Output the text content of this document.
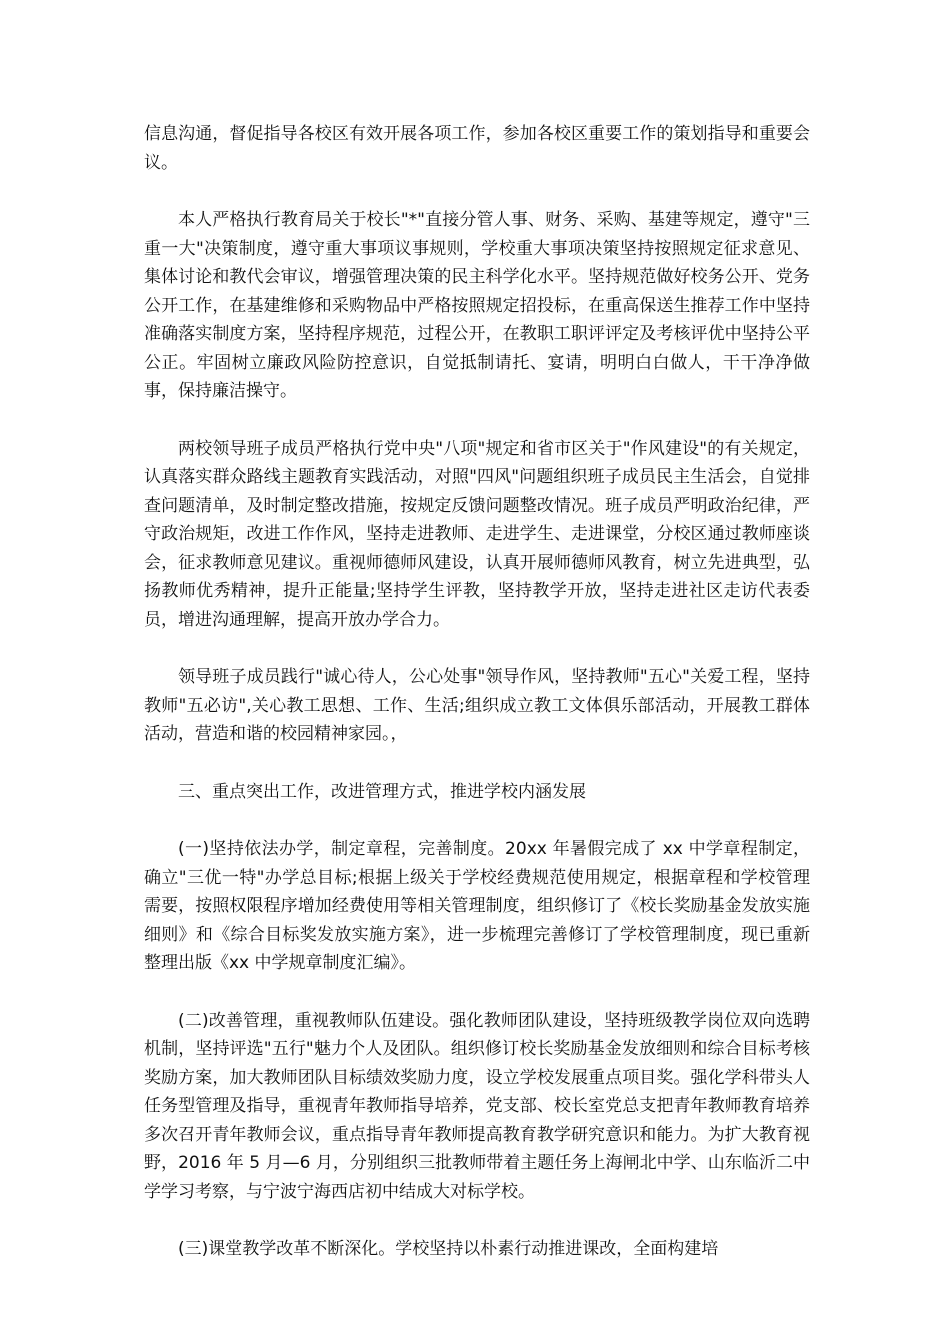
信息沟通，督促指导各校区有效开展各项工作，参加各校区重要工作的策划指导和重要会议。

本人严格执行教育局关于校长"*"直接分管人事、财务、采购、基建等规定，遵守"三重一大"决策制度，遵守重大事项议事规则，学校重大事项决策坚持按照规定征求意见、集体讨论和教代会审议，增强管理决策的民主科学化水平。坚持规范做好校务公开、党务公开工作，在基建维修和采购物品中严格按照规定招投标，在重高保送生推荐工作中坚持准确落实制度方案，坚持程序规范，过程公开，在教职工职评评定及考核评优中坚持公平公正。牢固树立廉政风险防控意识，自觉抵制请托、宴请，明明白白做人，干干净净做事，保持廉洁操守。

两校领导班子成员严格执行党中央"八项"规定和省市区关于"作风建设"的有关规定，认真落实群众路线主题教育实践活动，对照"四风"问题组织班子成员民主生活会，自觉排查问题清单，及时制定整改措施，按规定反馈问题整改情况。班子成员严明政治纪律，严守政治规矩，改进工作作风，坚持走进教师、走进学生、走进课堂，分校区通过教师座谈会，征求教师意见建议。重视师德师风建设，认真开展师德师风教育，树立先进典型，弘扬教师优秀精神，提升正能量;坚持学生评教，坚持教学开放，坚持走进社区走访代表委员，增进沟通理解，提高开放办学合力。

领导班子成员践行"诚心待人，公心处事"领导作风，坚持教师"五心"关爱工程，坚持教师"五必访",关心教工思想、工作、生活;组织成立教工文体俱乐部活动，开展教工群体活动，营造和谐的校园精神家园。，

三、重点突出工作，改进管理方式，推进学校内涵发展

(一)坚持依法办学，制定章程，完善制度。20xx 年暑假完成了 xx 中学章程制定，确立"三优一特"办学总目标;根据上级关于学校经费规范使用规定，根据章程和学校管理需要，按照权限程序增加经费使用等相关管理制度，组织修订了《校长奖励基金发放实施细则》和《综合目标奖发放实施方案》，进一步梳理完善修订了学校管理制度，现已重新整理出版《xx 中学规章制度汇编》。

(二)改善管理，重视教师队伍建设。强化教师团队建设，坚持班级教学岗位双向选聘机制，坚持评选"五行"魅力个人及团队。组织修订校长奖励基金发放细则和综合目标考核奖励方案，加大教师团队目标绩效奖励力度，设立学校发展重点项目奖。强化学科带头人任务型管理及指导，重视青年教师指导培养，党支部、校长室党总支把青年教师教育培养多次召开青年教师会议，重点指导青年教师提高教育教学研究意识和能力。为扩大教育视野，2016 年 5 月—6 月，分别组织三批教师带着主题任务上海闸北中学、山东临沂二中学学习考察，与宁波宁海西店初中结成大对标学校。

(三)课堂教学改革不断深化。学校坚持以朴素行动推进课改，全面构建培
